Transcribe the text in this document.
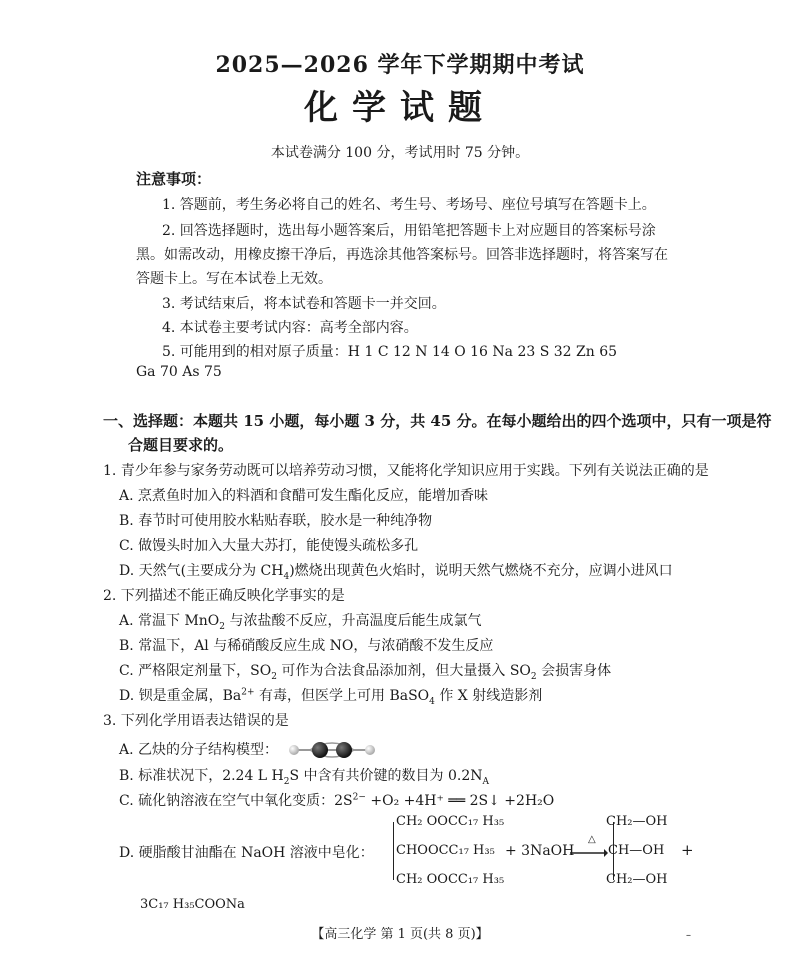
2025—2026 学年下学期期中考试
化学试题
本试卷满分 100 分，考试用时 75 分钟。
注意事项：
1. 答题前，考生务必将自己的姓名、考生号、考场号、座位号填写在答题卡上。
2. 回答选择题时，选出每小题答案后，用铅笔把答题卡上对应题目的答案标号涂
黑。如需改动，用橡皮擦干净后，再选涂其他答案标号。回答非选择题时，将答案写在
答题卡上。写在本试卷上无效。
3. 考试结束后，将本试卷和答题卡一并交回。
4. 本试卷主要考试内容：高考全部内容。
5. 可能用到的相对原子质量：H 1 C 12 N 14 O 16 Na 23 S 32 Zn 65
Ga 70 As 75
一、选择题：本题共 15 小题，每小题 3 分，共 45 分。在每小题给出的四个选项中，只有一项是符
合题目要求的。
1. 青少年参与家务劳动既可以培养劳动习惯，又能将化学知识应用于实践。下列有关说法正确的是
A. 烹煮鱼时加入的料酒和食醋可发生酯化反应，能增加香味
B. 春节时可使用胶水粘贴春联，胶水是一种纯净物
C. 做馒头时加入大量大苏打，能使馒头疏松多孔
D. 天然气(主要成分为 $CH_4$)燃烧出现黄色火焰时，说明天然气燃烧不充分，应调小进风口
2. 下列描述不能正确反映化学事实的是
A. 常温下 MnO$_2$ 与浓盐酸不反应，升高温度后能生成氯气
B. 常温下，Al 与稀硝酸反应生成 NO，与浓硝酸不发生反应
C. 严格限定剂量下，$SO_2$ 可作为合法食品添加剂，但大量摄入 $SO_2$ 会损害身体
D. 钡是重金属，$Ba^{2+}$ 有毒，但医学上可用 BaSO$_4$ 作 X 射线造影剂
3. 下列化学用语表达错误的是
A. 乙炔的分子结构模型：
B. 标准状况下，2.24 L $H_2S$ 中含有共价键的数目为 $0.2N_A$
C. 硫化钠溶液在空气中氧化变质：$2S^{2-} +O_2 +4H^+$ ══ 2S↓ +2H₂O
D. 硬脂酸甘油酯在 NaOH 溶液中皂化：
CH₂ OOCC₁₇ H₃₅
CHOOCC₁₇ H₃₅
CH₂ OOCC₁₇ H₃₅
+ 3NaOH
△
CH₂—OH
CH—OH
CH₂—OH
+
3C₁₇ H₃₅COONa
【高三化学 第 1 页(共 8 页)】	–
